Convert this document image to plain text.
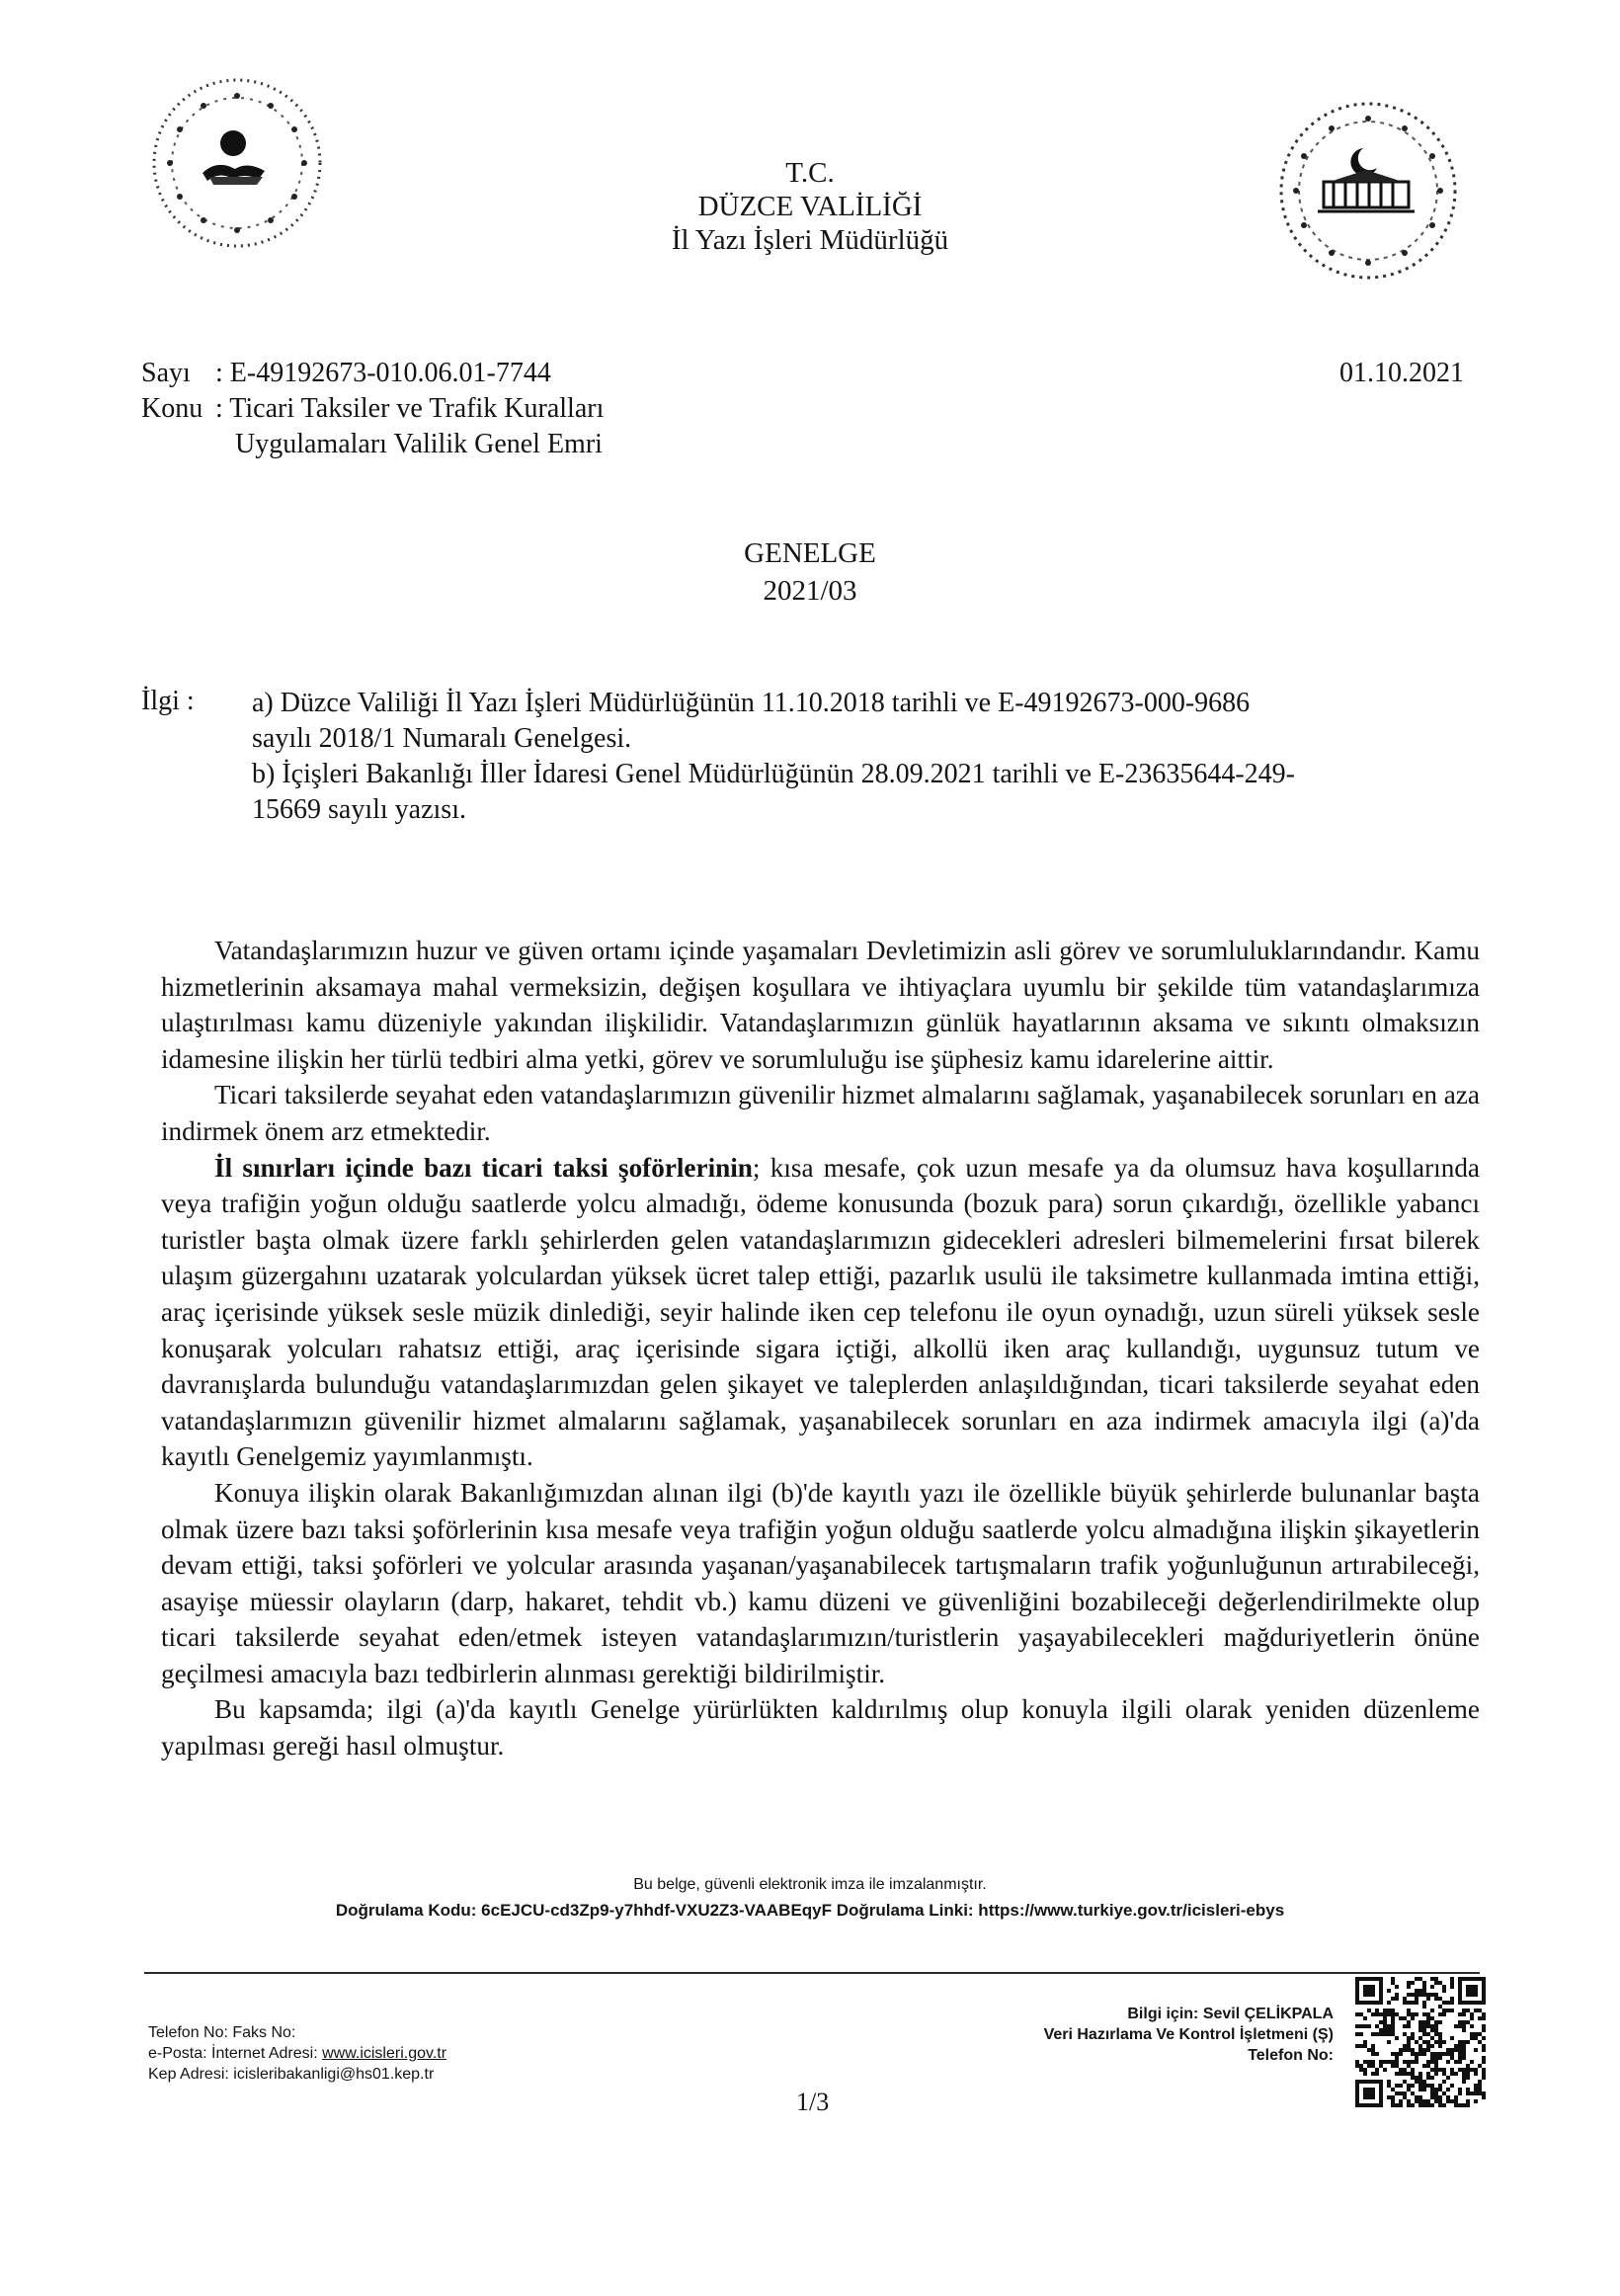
T.C.
DÜZCE VALİLİĞİ
İl Yazı İşleri Müdürlüğü
Sayı : E-49192673-010.06.01-7744
Konu : Ticari Taksiler ve Trafik Kuralları
Uygulamaları Valilik Genel Emri
01.10.2021
GENELGE
2021/03
İlgi : a) Düzce Valiliği İl Yazı İşleri Müdürlüğünün 11.10.2018 tarihli ve E-49192673-000-9686 sayılı 2018/1 Numaralı Genelgesi.

b) İçişleri Bakanlığı İller İdaresi Genel Müdürlüğünün 28.09.2021 tarihli ve E-23635644-249-15669 sayılı yazısı.

Vatandaşlarımızın huzur ve güven ortamı içinde yaşamaları Devletimizin asli görev ve sorumluluklarındandır. Kamu hizmetlerinin aksamaya mahal vermeksizin, değişen koşullara ve ihtiyaçlara uyumlu bir şekilde tüm vatandaşlarımıza ulaştırılması kamu düzeniyle yakından ilişkilidir. Vatandaşlarımızın günlük hayatlarının aksama ve sıkıntı olmaksızın idamesine ilişkin her türlü tedbiri alma yetki, görev ve sorumluluğu ise şüphesiz kamu idarelerine aittir.

Ticari taksilerde seyahat eden vatandaşlarımızın güvenilir hizmet almalarını sağlamak, yaşanabilecek sorunları en aza indirmek önem arz etmektedir.

İl sınırları içinde bazı ticari taksi şoförlerinin; kısa mesafe, çok uzun mesafe ya da olumsuz hava koşullarında veya trafiğin yoğun olduğu saatlerde yolcu almadığı, ödeme konusunda (bozuk para) sorun çıkardığı, özellikle yabancı turistler başta olmak üzere farklı şehirlerden gelen vatandaşlarımızın gidecekleri adresleri bilmemelerini fırsat bilerek ulaşım güzergahını uzatarak yolculardan yüksek ücret talep ettiği, pazarlık usulü ile taksimetre kullanmada imtina ettiği, araç içerisinde yüksek sesle müzik dinlediği, seyir halinde iken cep telefonu ile oyun oynadığı, uzun süreli yüksek sesle konuşarak yolcuları rahatsız ettiği, araç içerisinde sigara içtiği, alkollü iken araç kullandığı, uygunsuz tutum ve davranışlarda bulunduğu vatandaşlarımızdan gelen şikayet ve taleplerden anlaşıldığından, ticari taksilerde seyahat eden vatandaşlarımızın güvenilir hizmet almalarını sağlamak, yaşanabilecek sorunları en aza indirmek amacıyla ilgi (a)'da kayıtlı Genelgemiz yayımlanmıştı.

Konuya ilişkin olarak Bakanlığımızdan alınan ilgi (b)'de kayıtlı yazı ile özellikle büyük şehirlerde bulunanlar başta olmak üzere bazı taksi şoförlerinin kısa mesafe veya trafiğin yoğun olduğu saatlerde yolcu almadığına ilişkin şikayetlerin devam ettiği, taksi şoförleri ve yolcular arasında yaşanan/yaşanabilecek tartışmaların trafik yoğunluğunun artırabileceği, asayişe müessir olayların (darp, hakaret, tehdit vb.) kamu düzeni ve güvenliğini bozabileceği değerlendirilmekte olup ticari taksilerde seyahat eden/etmek isteyen vatandaşlarımızın/turistlerin yaşayabilecekleri mağduriyetlerin önüne geçilmesi amacıyla bazı tedbirlerin alınması gerektiği bildirilmiştir.

Bu kapsamda; ilgi (a)'da kayıtlı Genelge yürürlükten kaldırılmış olup konuyla ilgili olarak yeniden düzenleme yapılması gereği hasıl olmuştur.

Bu belge, güvenli elektronik imza ile imzalanmıştır.
Doğrulama Kodu: 6cEJCU-cd3Zp9-y7hhdf-VXU2Z3-VAABEqyF Doğrulama Linki: https://www.turkiye.gov.tr/icisleri-ebys
Telefon No: Faks No:
e-Posta: İnternet Adresi: www.icisleri.gov.tr
Kep Adresi: icisleribakanligi@hs01.kep.tr
1/3
Bilgi için: Sevil ÇELİKPALA
Veri Hazırlama Ve Kontrol İşletmeni (Ş)
Telefon No:
